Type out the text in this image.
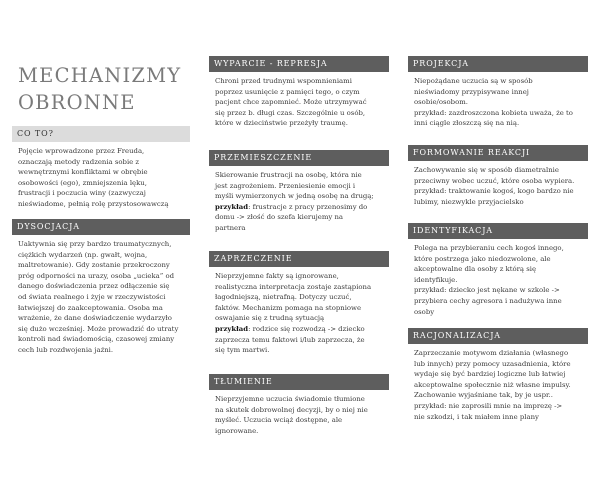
MECHANIZMY
OBRONNE
CO TO?

Pojęcie wprowadzone przez Freuda,

oznaczają metody radzenia sobie z

wewnętrznymi konfliktami w obrębie

osobowości (ego), zmniejszenia lęku,

frustracji i poczucia winy (zazwyczaj

nieświadome, pełnią rolę przystosowawczą

DYSOCJACJA

Uaktywnia się przy bardzo traumatycznych,

ciężkich wydarzeń (np. gwałt, wojna,

maltretowanie). Gdy zostanie przekroczony

próg odporności na urazy, osoba „ucieka” od

danego doświadczenia przez odłączenie się

od świata realnego i żyje w rzeczywistości

łatwiejszej do zaakceptowania. Osoba ma

wrażenie, że dane doświadczenie wydarzyło

się dużo wcześniej. Może prowadzić do utraty

kontroli nad świadomością, czasowej zmiany

cech lub rozdwojenia jaźni.

WYPARCIE - REPRESJA

Chroni przed trudnymi wspomnieniami

poprzez usunięcie z pamięci tego, o czym

pacjent chce zapomnieć. Może utrzymywać

się przez b. długi czas. Szczególnie u osób,

które w dzieciństwie przeżyły traumę.

PRZEMIESZCZENIE

Skierowanie frustracji na osobę, która nie

jest zagrożeniem. Przeniesienie emocji i

myśli wymierzonych w jedną osobę na drugą;

przykład: frustracje z pracy przenosimy do

domu -> złość do szefa kierujemy na

partnera

ZAPRZECZENIE

Nieprzyjemne fakty są ignorowane,

realistyczna interpretacja zostaje zastąpiona

łagodniejszą, nietrafną. Dotyczy uczuć,

faktów. Mechanizm pomaga na stopniowe

oswajanie się z trudną sytuacją

przykład: rodzice się rozwodzą -> dziecko

zaprzecza temu faktowi i/lub zaprzecza, że

się tym martwi.

TŁUMIENIE

Nieprzyjemne uczucia świadomie tłumione

na skutek dobrowolnej decyzji, by o niej nie

myśleć. Uczucia wciąż dostępne, ale

ignorowane.

PROJEKCJA

Niepożądane uczucia są w sposób

nieświadomy przypisywane innej

osobie/osobom.

przykład: zazdroszczona kobieta uważa, że to

inni ciągle złoszczą się na nią.

FORMOWANIE REAKCJI

Zachowywanie się w sposób diametralnie

przeciwny wobec uczuć, które osoba wypiera.

przykład: traktowanie kogoś, kogo bardzo nie

lubimy, niezwykle przyjacielsko

IDENTYFIKACJA

Polega na przybieraniu cech kogoś innego,

które postrzega jako niedozwolone, ale

akceptowalne dla osoby z którą się

identyfikuje.

przykład: dziecko jest nękane w szkole ->

przybiera cechy agresora i nadużywa inne

osoby

RACJONALIZACJA

Zaprzeczanie motywom działania (własnego

lub innych) przy pomocy uzasadnienia, które

wydaje się być bardziej logiczne lub łatwiej

akceptowalne społecznie niż własne impulsy.

Zachowanie wyjaśniane tak, by je uspr..

przykład: nie zaprosili mnie na imprezę ->

nie szkodzi, i tak miałem inne plany
